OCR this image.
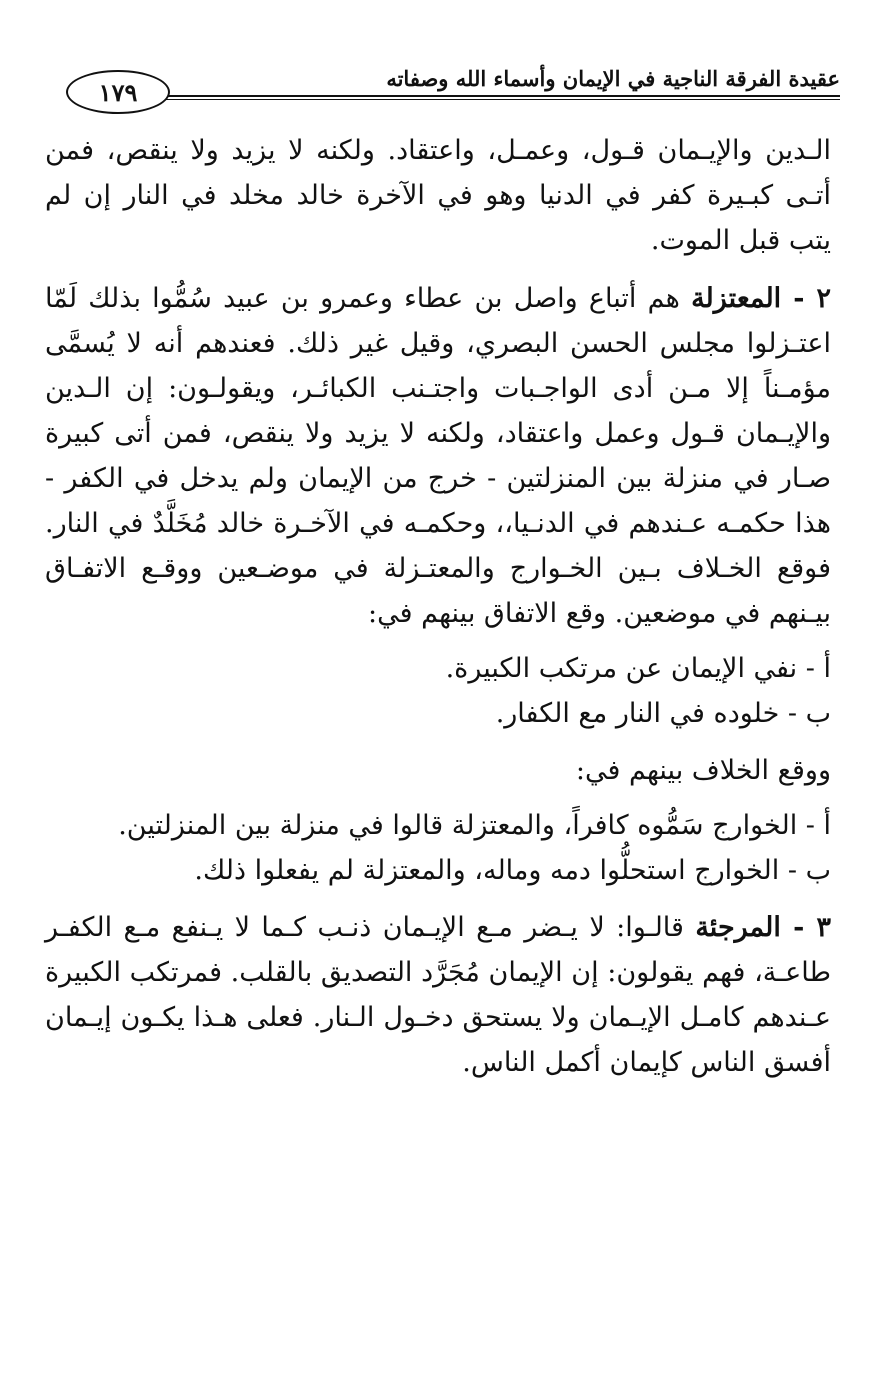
عقيدة الفرقة الناجية في الإيمان وأسماء الله وصفاته
١٧٩

الـدين والإيـمان قـول، وعمـل، واعتقاد. ولكنه لا يزيد ولا ينقص، فمن أتـى كبـيرة كفر في الدنيا وهو في الآخرة خالد مخلد في النار إن لم يتب قبل الموت.

٢ - المعتزلة هم أتباع واصل بن عطاء وعمرو بن عبيد سُمُّوا بذلك لَمّا اعتـزلوا مجلس الحسن البصري، وقيل غير ذلك. فعندهم أنه لا يُسمَّى مؤمـناً إلا مـن أدى الواجـبات واجتـنب الكبائـر، ويقولـون: إن الـدين والإيـمان قـول وعمل واعتقاد، ولكنه لا يزيد ولا ينقص، فمن أتى كبيرة صـار في منزلة بين المنزلتين - خرج من الإيمان ولم يدخل في الكفر - هذا حكمـه عـندهم في الدنـيا،، وحكمـه في الآخـرة خالد مُخَلَّدٌ في النار. فوقع الخـلاف بـين الخـوارج والمعتـزلة في موضـعين ووقـع الاتفـاق بيـنهم في موضعين. وقع الاتفاق بينهم في:

أ - نفي الإيمان عن مرتكب الكبيرة.
ب - خلوده في النار مع الكفار.
ووقع الخلاف بينهم في:
أ - الخوارج سَمُّوه كافراً، والمعتزلة قالوا في منزلة بين المنزلتين.
ب - الخوارج استحلُّوا دمه وماله، والمعتزلة لم يفعلوا ذلك.

٣ - المرجئة قالـوا: لا يـضر مـع الإيـمان ذنـب كـما لا يـنفع مـع الكفـر طاعـة، فهم يقولون: إن الإيمان مُجَرَّد التصديق بالقلب. فمرتكب الكبيرة عـندهم كامـل الإيـمان ولا يستحق دخـول الـنار. فعلى هـذا يكـون إيـمان أفسق الناس كإيمان أكمل الناس.
